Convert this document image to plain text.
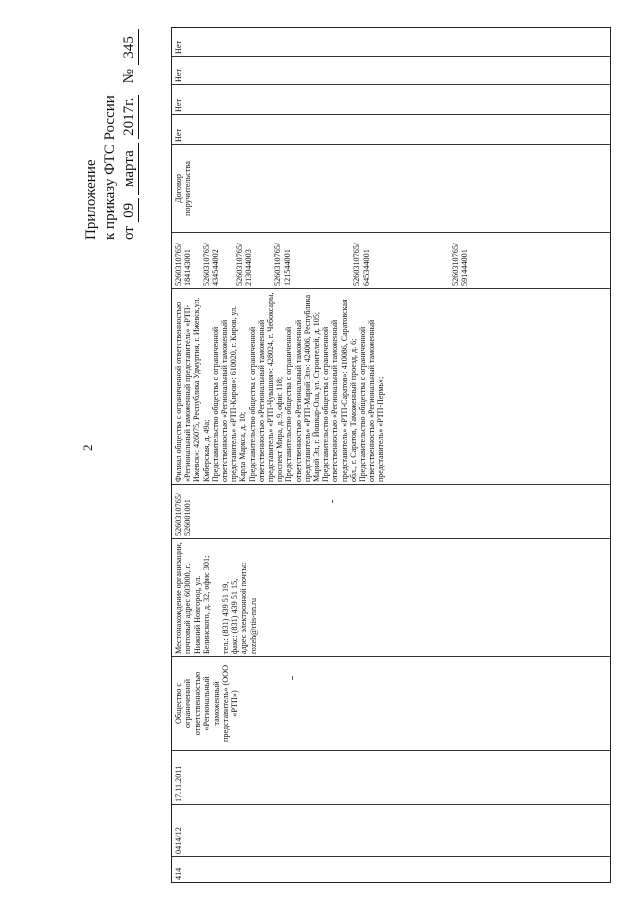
2
Приложение к приказу ФТС России от 09 марта 2017г.   № 345
414
0414/12
17.11.2011
Общество с ограниченной ответственностью «Региональный таможенный представитель» (ООО «РТП»)
Местонахождение организации, почтовый адрес 603000, г. Нижний Новгород, ул. Белинского, д. 32, офис 301; тел.: (831) 439 51 19, факс: (831) 439 51 15, адрес электронной почты: rozeh@rtis-nn.ru
5260310765/ 526001001
Филиал общества с ограниченной ответственностью «Региональный таможенный представитель» «РТП-Ижевск»: 426075, Республика Удмуртия, г. Ижевск,ул. Кмберская, д. 49а; Представительство общества с ограниченной ответственностью «Региональный таможенный представитель» «РТП-Киров»: 610020, г. Киров, ул. Карла Маркса, д. 10; Представительство общества с ограниченной ответственностью «Региональный таможенный представитель» «РТП-Чувашия»: 428024, г. Чебоксары, проспект Мира, д. 9, офис 118; Представительство общества с ограниченной ответственностью «Региональный таможенный представитель» «РТП-Марий Эл»: 424006, Республика Марий Эл, г. Йошкар-Ола, ул. Строителей, д. 105; Представительство общества с ограниченной ответственностью «Региональный таможенный представитель» «РТП-Саратов»: 410086, Саратовская обл., г. Саратов, Таможенный проезд, д. 6; Представительство общества с ограниченной ответственностью «Региональный таможенный представитель» «РТП-Пермь»;
5260310765/ 184143001 5260310765/ 434544002 5260310765/ 213044003 5260310765/ 121544001	5260310765/ 645344001	5260310765/ 591444001
Договор поручительства
Нет
Нет
Нет
Нет
